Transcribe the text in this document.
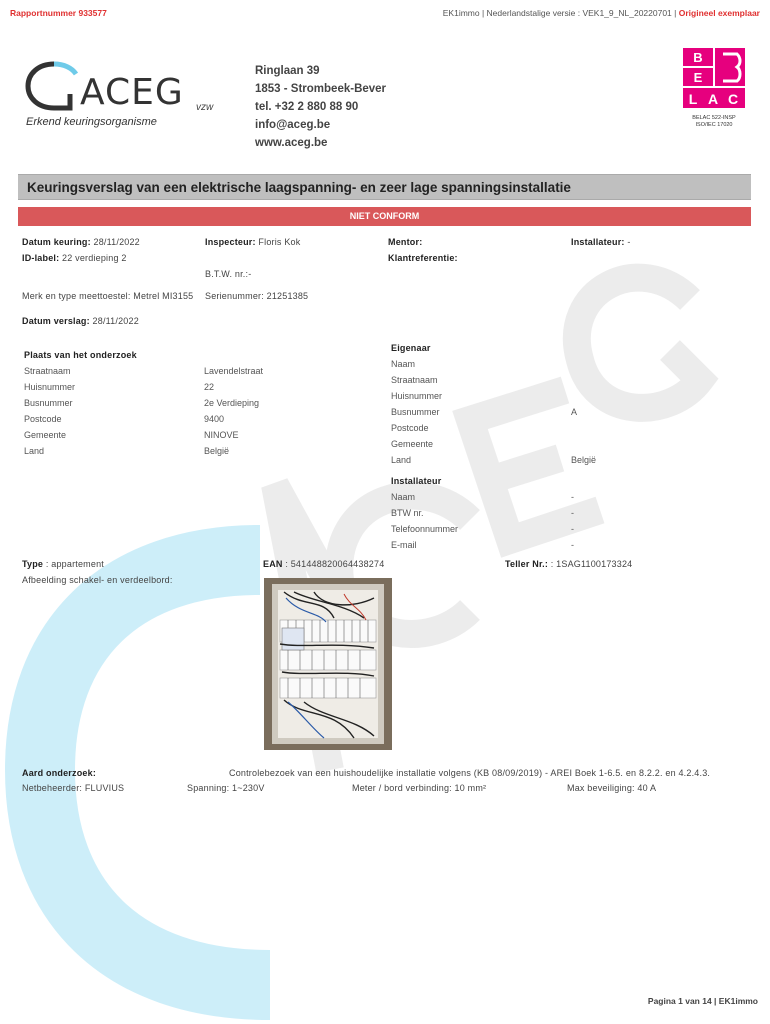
Rapportnummer 933577	EK1immo | Nederlandstalige versie : VEK1_9_NL_20220701 | Origineel exemplaar
ACEG vzw
Erkend keuringsorganisme
Ringlaan 39
1853 - Strombeek-Bever
tel. +32 2 880 88 90
info@aceg.be
www.aceg.be
B
E
L A C
BELAC 522-INSP
ISO/IEC 17020
Keuringsverslag van een elektrische laagspanning- en zeer lage spanningsinstallatie
NIET CONFORM
Datum keuring: 28/11/2022	Inspecteur: Floris Kok	Mentor:	Installateur: -
ID-label: 22 verdieping 2	Klantreferentie:
B.T.W. nr.:-
Merk en type meettoestel: Metrel MI3155 Serienummer: 21251385
Datum verslag: 28/11/2022
Plaats van het onderzoek
Straatnaam	Lavendelstraat
Huisnummer	22
Busnummer	2e Verdieping
Postcode	9400
Gemeente	NINOVE
Land	België
Eigenaar
Naam
Straatnaam
Huisnummer
Busnummer	A
Postcode
Gemeente
Land	België
Installateur
Naam	-
BTW nr.	-
Telefoonnummer	-
E-mail	-
Type : appartement	EAN : 541448820064438274	Teller Nr.: : 1SAG1100173324
Afbeelding schakel- en verdeelbord:
Aard onderzoek:	Controlebezoek van een huishoudelijke installatie volgens (KB 08/09/2019) - AREI Boek 1-6.5. en 8.2.2. en 4.2.4.3.
Netbeheerder: FLUVIUS	Spanning: 1~230V	Meter / bord verbinding: 10 mm²	Max beveiliging: 40 A
Pagina 1 van 14 | EK1immo
